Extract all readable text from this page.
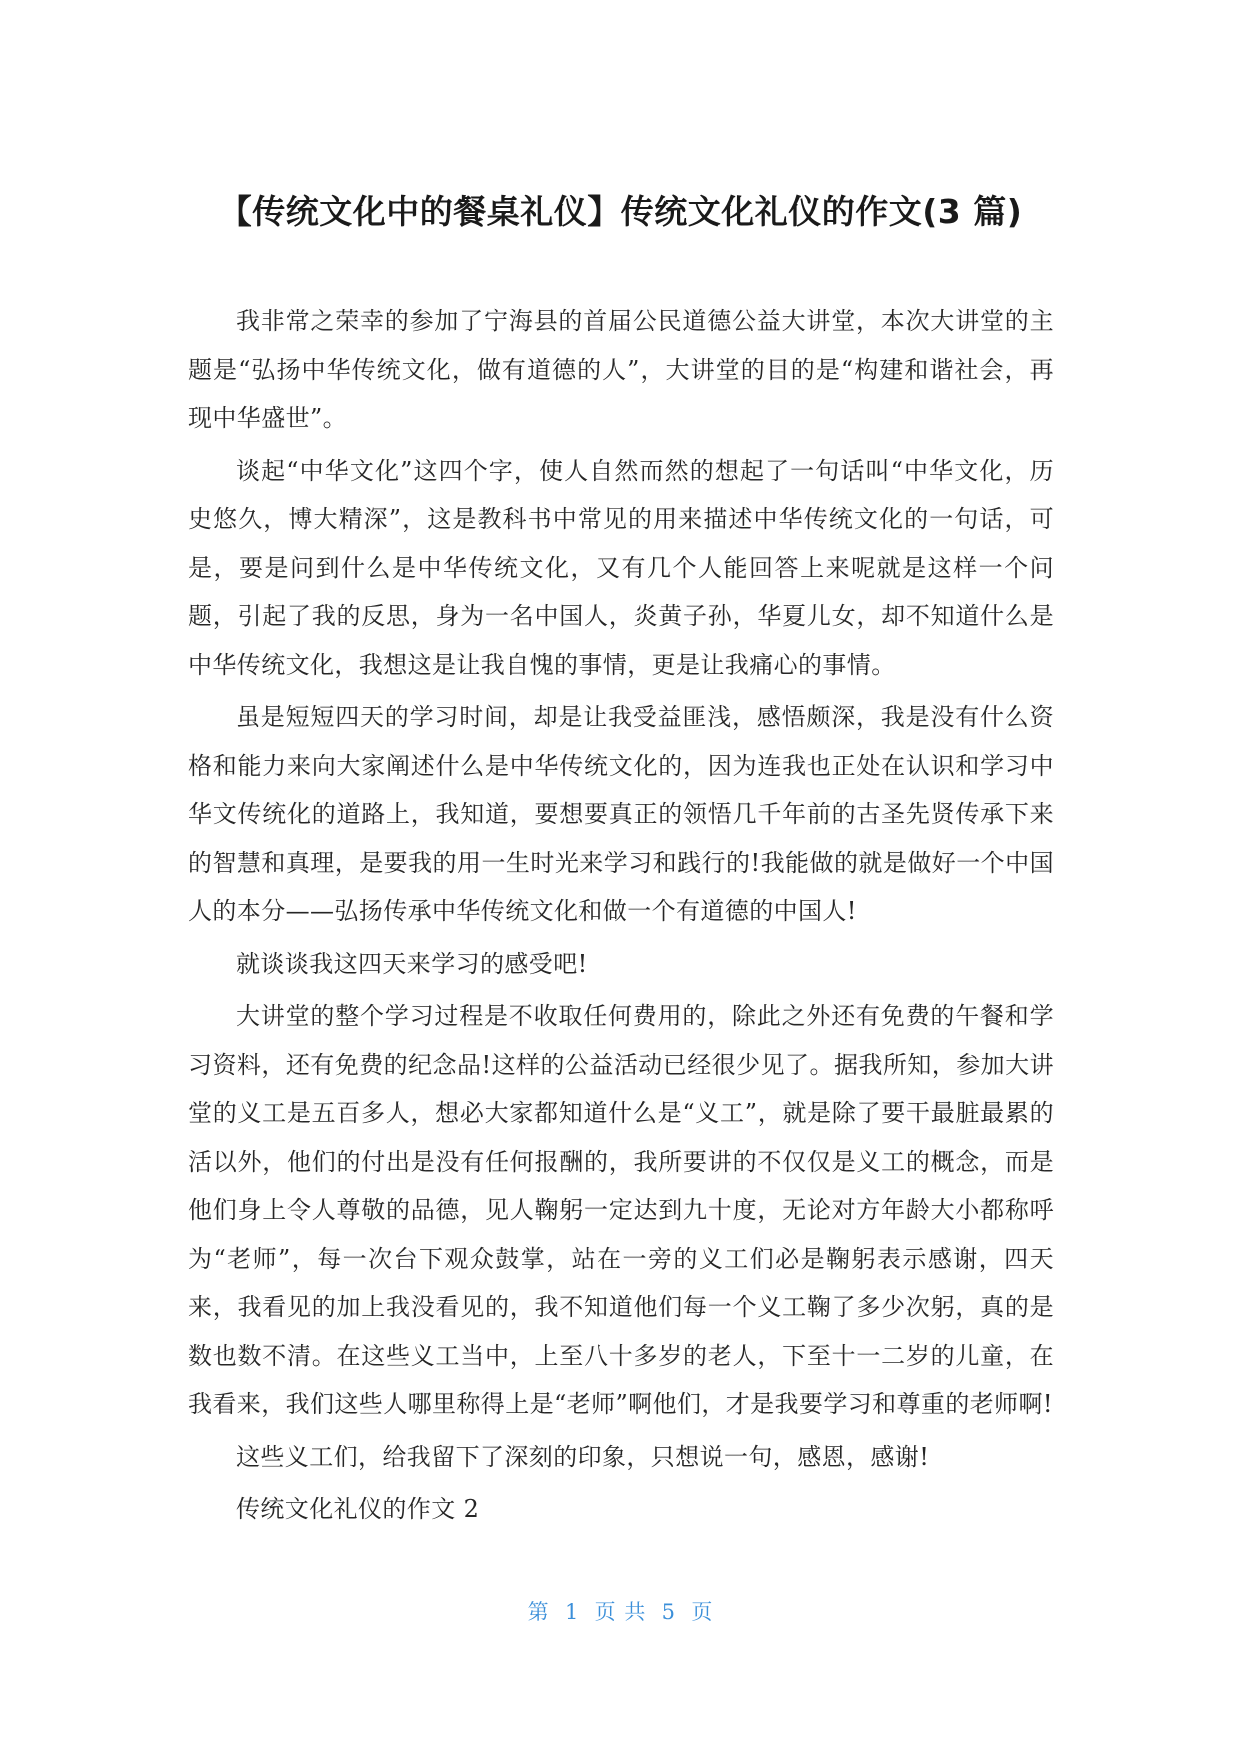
【传统文化中的餐桌礼仪】传统文化礼仪的作文(3 篇)

我非常之荣幸的参加了宁海县的首届公民道德公益大讲堂，本次大讲堂的主题是“弘扬中华传统文化，做有道德的人”，大讲堂的目的是“构建和谐社会，再现中华盛世”。

谈起“中华文化”这四个字，使人自然而然的想起了一句话叫“中华文化，历史悠久，博大精深”，这是教科书中常见的用来描述中华传统文化的一句话，可是，要是问到什么是中华传统文化，又有几个人能回答上来呢就是这样一个问题，引起了我的反思，身为一名中国人，炎黄子孙，华夏儿女，却不知道什么是中华传统文化，我想这是让我自愧的事情，更是让我痛心的事情。

虽是短短四天的学习时间，却是让我受益匪浅，感悟颇深，我是没有什么资格和能力来向大家阐述什么是中华传统文化的，因为连我也正处在认识和学习中华文传统化的道路上，我知道，要想要真正的领悟几千年前的古圣先贤传承下来的智慧和真理，是要我的用一生时光来学习和践行的!我能做的就是做好一个中国人的本分——弘扬传承中华传统文化和做一个有道德的中国人!

就谈谈我这四天来学习的感受吧!

大讲堂的整个学习过程是不收取任何费用的，除此之外还有免费的午餐和学习资料，还有免费的纪念品!这样的公益活动已经很少见了。据我所知，参加大讲堂的义工是五百多人，想必大家都知道什么是“义工”，就是除了要干最脏最累的活以外，他们的付出是没有任何报酬的，我所要讲的不仅仅是义工的概念，而是他们身上令人尊敬的品德，见人鞠躬一定达到九十度，无论对方年龄大小都称呼为“老师”，每一次台下观众鼓掌，站在一旁的义工们必是鞠躬表示感谢，四天来，我看见的加上我没看见的，我不知道他们每一个义工鞠了多少次躬，真的是数也数不清。在这些义工当中，上至八十多岁的老人，下至十一二岁的儿童，在我看来，我们这些人哪里称得上是“老师”啊他们，才是我要学习和尊重的老师啊!

这些义工们，给我留下了深刻的印象，只想说一句，感恩，感谢!

传统文化礼仪的作文 2

第  1  页 共  5  页
